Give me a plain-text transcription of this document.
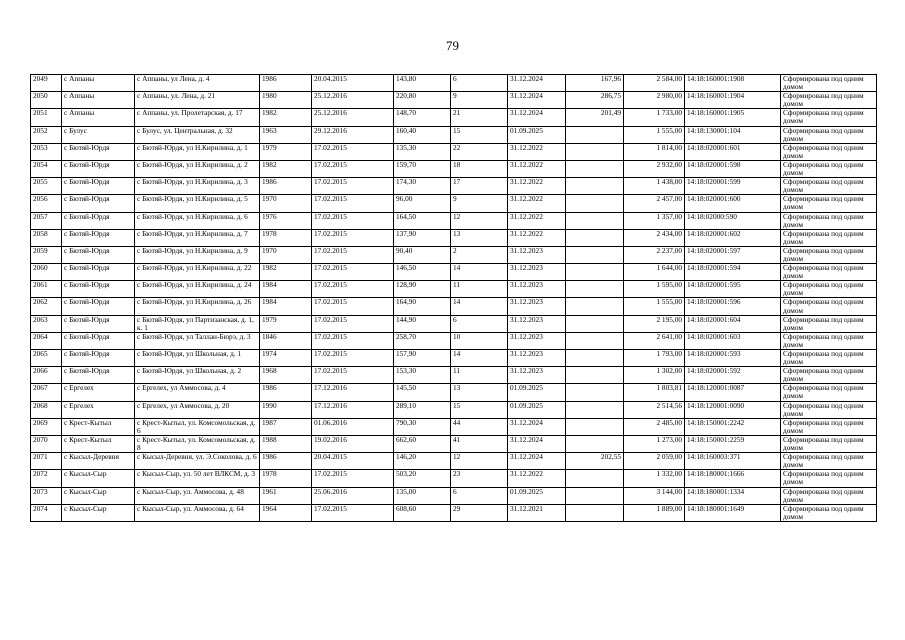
79
2049	с Аппаны	с Аппаны, ул Лена, д. 4	1986	20.04.2015	143,80	6	31.12.2024	167,96	2 584,00	14:18:160001:1908	Сформирована под одним домом
2050	с Аппаны	с Аппаны, ул. Лена, д. 21	1980	25.12.2016	220,80	9	31.12.2024	286,75	2 980,00	14:18:160001:1904	Сформирована под одним домом
2051	с Аппаны	с Аппаны, ул. Пролетарская, д. 17	1982	25.12.2016	148,70	21	31.12.2024	201,49	1 733,00	14:18:160001:1905	Сформирована под одним домом
2052	с Булус	с Булус, ул. Центральная, д. 32	1963	29.12.2016	160,40	15	01.09.2025		1 555,00	14:18:130001:104	Сформирована под одним домом
2053	с Бютяй-Юрдя	с Бютяй-Юрдя, ул Н.Кирилина, д. 1	1979	17.02.2015	135,30	22	31.12.2022		1 814,00	14:18:020001:601	Сформирована под одним домом
2054	с Бютяй-Юрдя	с Бютяй-Юрдя, ул Н.Кирилина, д. 2	1982	17.02.2015	159,70	18	31.12.2022		2 932,00	14:18:020001:598	Сформирована под одним домом
2055	с Бютяй-Юрдя	с Бютяй-Юрдя, ул Н.Кирилина, д. 3	1986	17.02.2015	174,30	17	31.12.2022		1 438,00	14:18:020001:599	Сформирована под одним домом
2056	с Бютяй-Юрдя	с Бютяй-Юрдя, ул Н.Кирилина, д. 5	1970	17.02.2015	96,00	9	31.12.2022		2 457,00	14:18:020001:600	Сформирована под одним домом
2057	с Бютяй-Юрдя	с Бютяй-Юрдя, ул Н.Кирилина, д. 6	1976	17.02.2015	164,50	12	31.12.2022		1 357,00	14:18:02000:590	Сформирована под одним домом
2058	с Бютяй-Юрдя	с Бютяй-Юрдя, ул Н.Кирилина, д. 7	1978	17.02.2015	137,90	13	31.12.2022		2 434,00	14:18:020001:602	Сформирована под одним домом
2059	с Бютяй-Юрдя	с Бютяй-Юрдя, ул Н.Кирилина, д. 9	1970	17.02.2015	90,40	2	31.12.2023		2 237,00	14:18:020001:597	Сформирована под одним домом
2060	с Бютяй-Юрдя	с Бютяй-Юрдя, ул Н.Кирилина, д. 22	1982	17.02.2015	146,50	14	31.12.2023		1 644,00	14:18:020001:594	Сформирована под одним домом
2061	с Бютяй-Юрдя	с Бютяй-Юрдя, ул Н.Кирилина, д. 24	1984	17.02.2015	128,90	11	31.12.2023		1 595,00	14:18:020001:595	Сформирована под одним домом
2062	с Бютяй-Юрдя	с Бютяй-Юрдя, ул Н.Кирилина, д. 26	1984	17.02.2015	164,90	14	31.12.2023		1 555,00	14:18:020001:596	Сформирована под одним домом
2063	с Бютяй-Юрдя	с Бютяй-Юрдя, ул Партизанская, д. 1, к. 1	1979	17.02.2015	144,90	6	31.12.2023		2 195,00	14:18:020001:604	Сформирована под одним домом
2064	с Бютяй-Юрдя	с Бютяй-Юрдя, ул Таллан-Бюрэ, д. 3	1846	17.02.2015	258,70	10	31.12.2023		2 641,00	14:18:020001:603	Сформирована под одним домом
2065	с Бютяй-Юрдя	с Бютяй-Юрдя, ул Школьная, д. 1	1974	17.02.2015	157,90	14	31.12.2023		1 793,00	14:18:020001:593	Сформирована под одним домом
2066	с Бютяй-Юрдя	с Бютяй-Юрдя, ул Школьная, д. 2	1968	17.02.2015	153,30	11	31.12.2023		1 302,00	14:18:020001:592	Сформирована под одним домом
2067	с Ергелех	с Ергелех, ул Аммосова, д. 4	1986	17.12.2016	145,50	13	01.09.2025		1 803,81	14:18:120001:0087	Сформирована под одним домом
2068	с Ергелех	с Ергелех, ул Аммосова, д. 20	1990	17.12.2016	289,10	15	01.09.2025		2 514,56	14:18:120001:0090	Сформирована под одним домом
2069	с Крест-Кытыл	с Крест-Кытыл, ул. Комсомольская, д. 6	1987	01.06.2016	790,30	44	31.12.2024		2 485,00	14:18:150001:2242	Сформирована под одним домом
2070	с Крест-Кытыл	с Крест-Кытыл, ул. Комсомольская, д. 8	1988	19.02.2016	662,60	41	31.12.2024		1 273,00	14:18:150001:2259	Сформирована под одним домом
2071	с Кысыл-Деревня	с Кысыл-Деревня, ул. Э.Соколова, д. 6	1986	20.04.2015	146,20	12	31.12.2024	202,55	2 059,00	14:18:160003:371	Сформирована под одним домом
2072	с Кысыл-Сыр	с Кысыл-Сыр, ул. 50 лет ВЛКСМ, д. 3	1978	17.02.2015	503,20	23	31.12.2022		1 332,00	14:18:180001:1666	Сформирована под одним домом
2073	с Кысыл-Сыр	с Кысыл-Сыр, ул. Аммосова, д. 48	1961	25.06.2016	135,00	6	01.09.2025		3 144,00	14:18:180001:1334	Сформирована под одним домом
2074	с Кысыл-Сыр	с Кысыл-Сыр, ул. Аммосова, д. 64	1964	17.02.2015	608,60	29	31.12.2021		1 889,00	14:18:180001:1649	Сформирована под одним домом
